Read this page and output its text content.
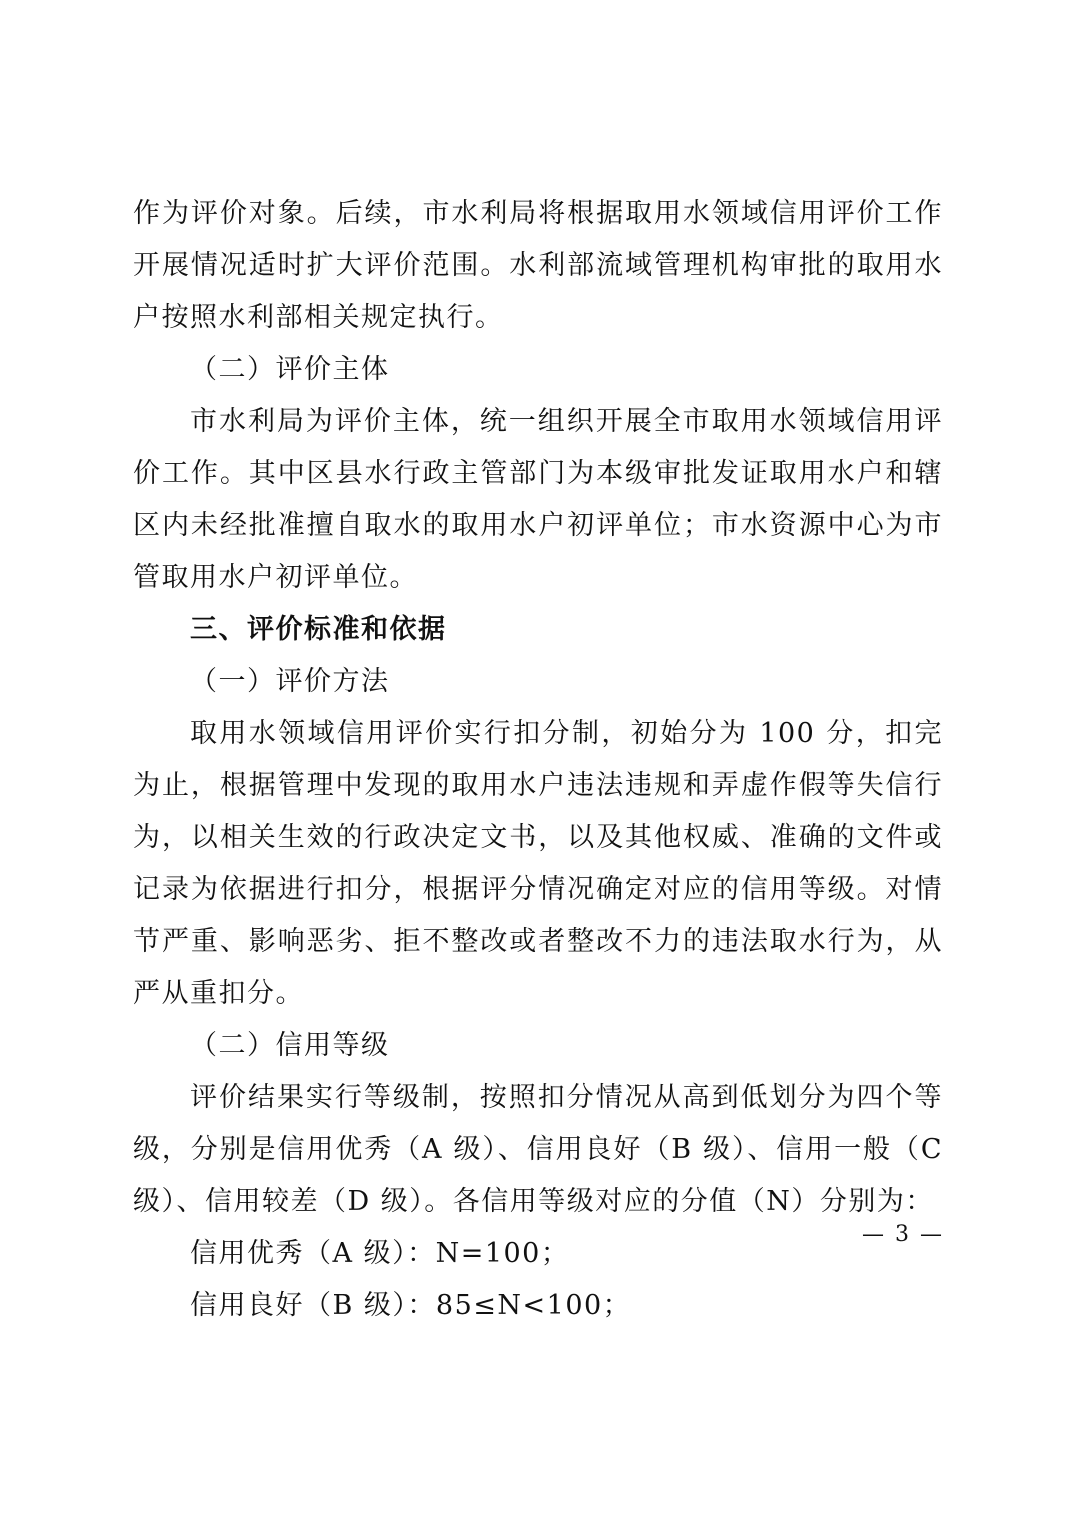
作为评价对象。后续，市水利局将根据取用水领域信用评价工作开展情况适时扩大评价范围。水利部流域管理机构审批的取用水户按照水利部相关规定执行。

（二）评价主体

市水利局为评价主体，统一组织开展全市取用水领域信用评价工作。其中区县水行政主管部门为本级审批发证取用水户和辖区内未经批准擅自取水的取用水户初评单位；市水资源中心为市管取用水户初评单位。

三、评价标准和依据

（一）评价方法

取用水领域信用评价实行扣分制，初始分为 100 分，扣完为止，根据管理中发现的取用水户违法违规和弄虚作假等失信行为，以相关生效的行政决定文书，以及其他权威、准确的文件或记录为依据进行扣分，根据评分情况确定对应的信用等级。对情节严重、影响恶劣、拒不整改或者整改不力的违法取水行为，从严从重扣分。

（二）信用等级

评价结果实行等级制，按照扣分情况从高到低划分为四个等级，分别是信用优秀（A 级）、信用良好（B 级）、信用一般（C 级）、信用较差（D 级）。各信用等级对应的分值（N）分别为：

信用优秀（A 级）：N=100；

信用良好（B 级）：85≤N<100；

— 3 —
